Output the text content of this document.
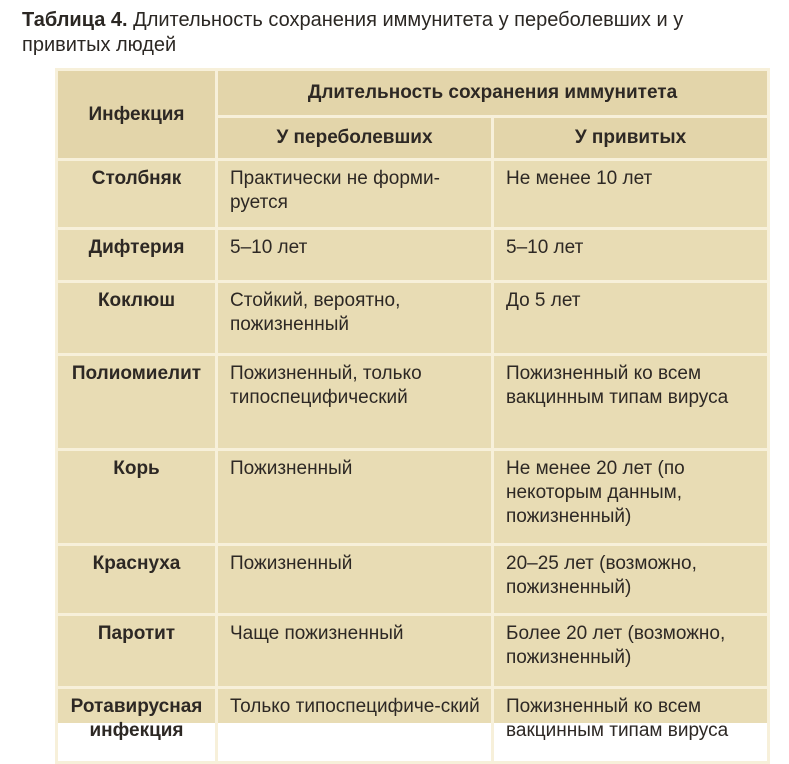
Таблица 4. Длительность сохранения иммунитета у переболевших и у привитых людей
Инфекция	Длительность сохранения иммунитета	
	У переболевших	У привитых
Столбняк	Практически не форми-руется	Не менее 10 лет
Дифтерия	5–10 лет	5–10 лет
Коклюш	Стойкий, вероятно, пожизненный	До 5 лет
Полиомиелит	Пожизненный, только типоспецифический	Пожизненный ко всем вакцинным типам вируса
Корь	Пожизненный	Не менее 20 лет (по некоторым данным, пожизненный)
Краснуха	Пожизненный	20–25 лет (возможно, пожизненный)
Паротит	Чаще пожизненный	Более 20 лет (возможно, пожизненный)
Ротавирусная инфекция	Только типоспецифиче-ский	Пожизненный ко всем вакцинным типам вируса
